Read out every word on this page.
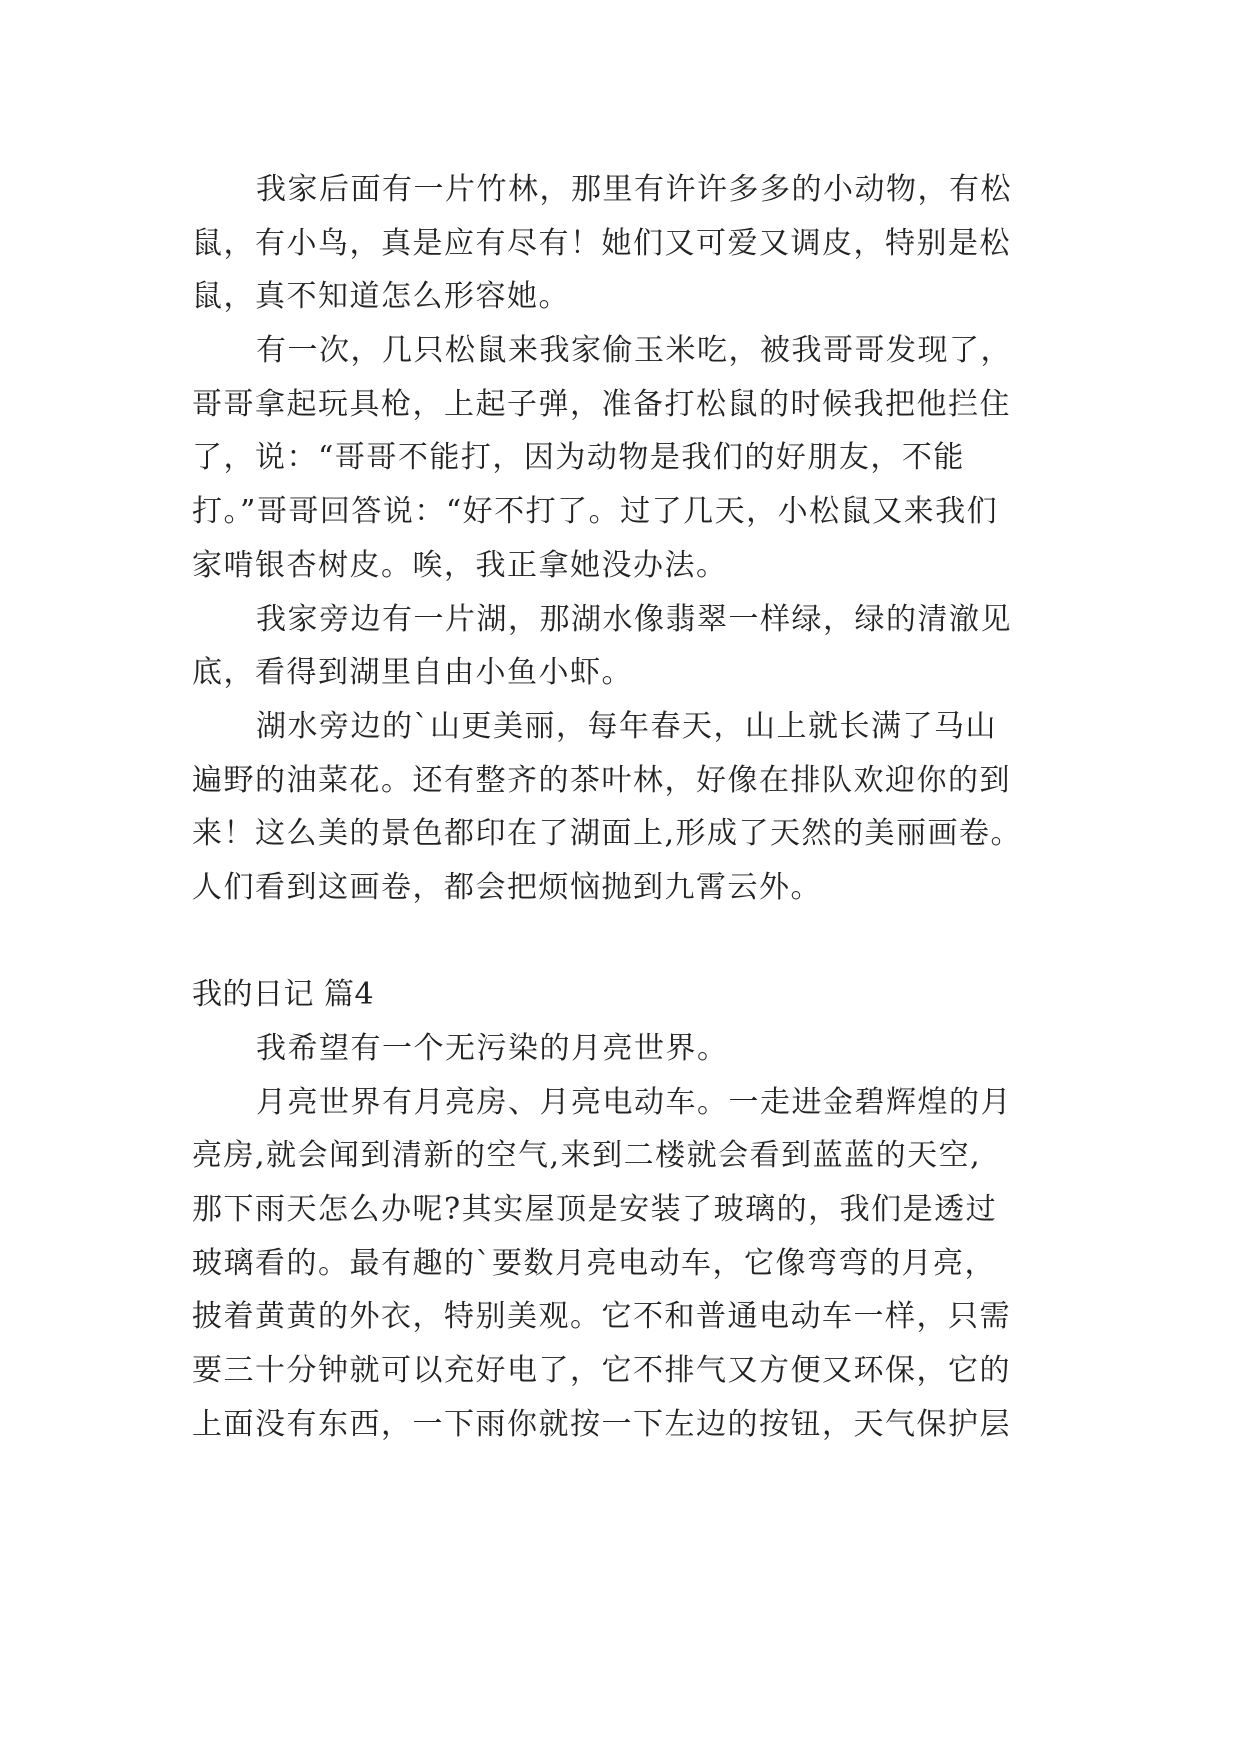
我家后面有一片竹林，那里有许许多多的小动物，有松
鼠，有小鸟，真是应有尽有！她们又可爱又调皮，特别是松
鼠，真不知道怎么形容她。
有一次，几只松鼠来我家偷玉米吃，被我哥哥发现了，
哥哥拿起玩具枪，上起子弹，准备打松鼠的时候我把他拦住
了，说：“哥哥不能打，因为动物是我们的好朋友，不能
打。”哥哥回答说：“好不打了。过了几天，小松鼠又来我们
家啃银杏树皮。唉，我正拿她没办法。
我家旁边有一片湖，那湖水像翡翠一样绿，绿的清澈见
底，看得到湖里自由小鱼小虾。
湖水旁边的`山更美丽，每年春天，山上就长满了马山
遍野的油菜花。还有整齐的茶叶林，好像在排队欢迎你的到
来！这么美的景色都印在了湖面上,形成了天然的美丽画卷。
人们看到这画卷，都会把烦恼抛到九霄云外。
我的日记 篇4
我希望有一个无污染的月亮世界。
月亮世界有月亮房、月亮电动车。一走进金碧辉煌的月
亮房,就会闻到清新的空气,来到二楼就会看到蓝蓝的天空,
那下雨天怎么办呢?其实屋顶是安装了玻璃的，我们是透过
玻璃看的。最有趣的`要数月亮电动车，它像弯弯的月亮，
披着黄黄的外衣，特别美观。它不和普通电动车一样，只需
要三十分钟就可以充好电了，它不排气又方便又环保，它的
上面没有东西，一下雨你就按一下左边的按钮，天气保护层
